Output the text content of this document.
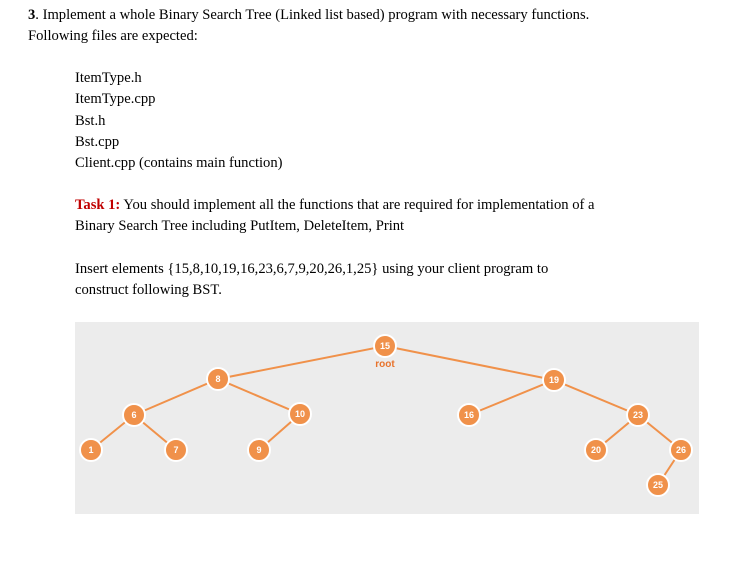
3. Implement a whole Binary Search Tree (Linked list based) program with necessary functions.
Following files are expected:
ItemType.h
ItemType.cpp
Bst.h
Bst.cpp
Client.cpp (contains main function)
Task 1: You should implement all the functions that are required for implementation of a
Binary Search Tree including PutItem, DeleteItem, Print
Insert elements {15,8,10,19,16,23,6,7,9,20,26,1,25} using your client program to
construct following BST.
15
8	19
6	10	16	23
1	7	9	20	26
25
root
